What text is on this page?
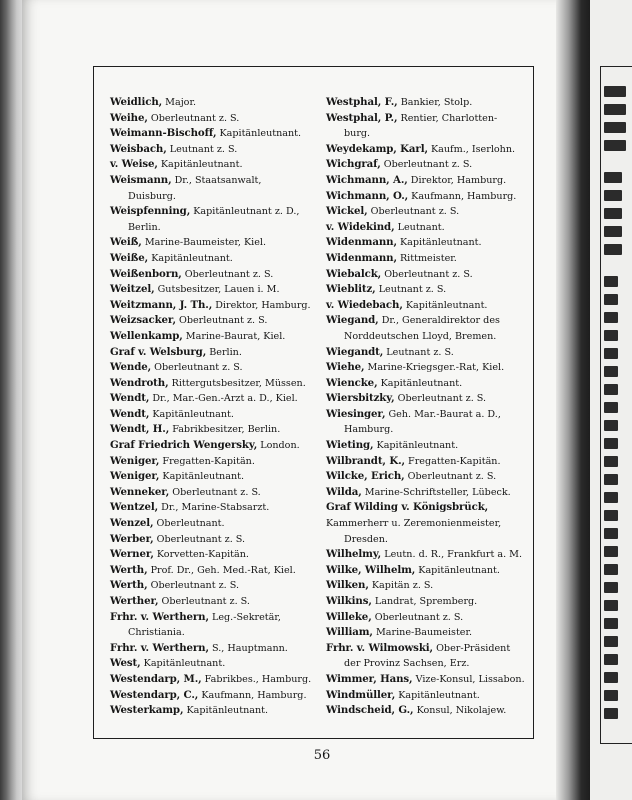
Weidlich, Major.
Weihe, Oberleutnant z. S.
Weimann-Bischoff, Kapitänleutnant.
Weisbach, Leutnant z. S.
v. Weise, Kapitänleutnant.
Weismann, Dr., Staatsanwalt,
Duisburg.
Weispfenning, Kapitänleutnant z. D.,
Berlin.
Weiß, Marine-Baumeister, Kiel.
Weiße, Kapitänleutnant.
Weißenborn, Oberleutnant z. S.
Weitzel, Gutsbesitzer, Lauen i. M.
Weitzmann, J. Th., Direktor, Hamburg.
Weizsacker, Oberleutnant z. S.
Wellenkamp, Marine-Baurat, Kiel.
Graf v. Welsburg, Berlin.
Wende, Oberleutnant z. S.
Wendroth, Rittergutsbesitzer, Müssen.
Wendt, Dr., Mar.-Gen.-Arzt a. D., Kiel.
Wendt, Kapitänleutnant.
Wendt, H., Fabrikbesitzer, Berlin.
Graf Friedrich Wengersky, London.
Weniger, Fregatten-Kapitän.
Weniger, Kapitänleutnant.
Wenneker, Oberleutnant z. S.
Wentzel, Dr., Marine-Stabsarzt.
Wenzel, Oberleutnant.
Werber, Oberleutnant z. S.
Werner, Korvetten-Kapitän.
Werth, Prof. Dr., Geh. Med.-Rat, Kiel.
Werth, Oberleutnant z. S.
Werther, Oberleutnant z. S.
Frhr. v. Werthern, Leg.-Sekretär,
Christiania.
Frhr. v. Werthern, S., Hauptmann.
West, Kapitänleutnant.
Westendarp, M., Fabrikbes., Hamburg.
Westendarp, C., Kaufmann, Hamburg.
Westerkamp, Kapitänleutnant.
Westphal, F., Bankier, Stolp.
Westphal, P., Rentier, Charlotten-
burg.
Weydekamp, Karl, Kaufm., Iserlohn.
Wichgraf, Oberleutnant z. S.
Wichmann, A., Direktor, Hamburg.
Wichmann, O., Kaufmann, Hamburg.
Wickel, Oberleutnant z. S.
v. Widekind, Leutnant.
Widenmann, Kapitänleutnant.
Widenmann, Rittmeister.
Wiebalck, Oberleutnant z. S.
Wieblitz, Leutnant z. S.
v. Wiedebach, Kapitänleutnant.
Wiegand, Dr., Generaldirektor des
Norddeutschen Lloyd, Bremen.
Wiegandt, Leutnant z. S.
Wiehe, Marine-Kriegsger.-Rat, Kiel.
Wiencke, Kapitänleutnant.
Wiersbitzky, Oberleutnant z. S.
Wiesinger, Geh. Mar.-Baurat a. D.,
Hamburg.
Wieting, Kapitänleutnant.
Wilbrandt, K., Fregatten-Kapitän.
Wilcke, Erich, Oberleutnant z. S.
Wilda, Marine-Schriftsteller, Lübeck.
Graf Wilding v. Königsbrück, Kammerherr u. Zeremonienmeister,
Dresden.
Wilhelmy, Leutn. d. R., Frankfurt a. M.
Wilke, Wilhelm, Kapitänleutnant.
Wilken, Kapitän z. S.
Wilkins, Landrat, Spremberg.
Willeke, Oberleutnant z. S.
William, Marine-Baumeister.
Frhr. v. Wilmowski, Ober-Präsident
der Provinz Sachsen, Erz.
Wimmer, Hans, Vize-Konsul, Lissabon.
Windmüller, Kapitänleutnant.
Windscheid, G., Konsul, Nikolajew.
56
